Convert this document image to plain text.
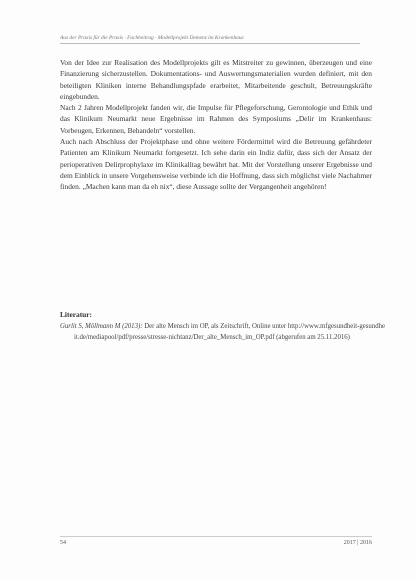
Aus der Praxis für die Praxis · Fachbeitrag · Modellprojekt Demenz im Krankenhaus

Von der Idee zur Realisation des Modellprojekts gilt es Mitstreiter zu gewinnen, überzeugen und eine Finanzierung sicherzustellen. Dokumentations- und Auswertungsmaterialien wurden definiert, mit den beteiligten Kliniken interne Behandlungspfade erarbeitet, Mitarbeitende geschult, Betreuungskräfte eingebunden.

Nach 2 Jahren Modellprojekt fanden wir, die Impulse für Pflegeforschung, Gerontologie und Ethik und das Klinikum Neumarkt neue Ergebnisse im Rahmen des Symposiums „Delir im Krankenhaus: Vorbeugen, Erkennen, Behandeln“ vorstellen.

Auch nach Abschluss der Projektphase und ohne weitere Fördermittel wird die Betreuung gefährdeter Patienten am Klinikum Neumarkt fortgesetzt. Ich sehe darin ein Indiz dafür, dass sich der Ansatz der perioperativen Delirprophylaxe im Klinikalltag bewährt hat. Mit der Vorstellung unserer Ergebnisse und dem Einblick in unsere Vorgehensweise verbinde ich die Hoffnung, dass sich möglichst viele Nachahmer finden. „Machen kann man da eh nix“, diese Aussage sollte der Vergangenheit angehören!

Literatur:
Gurlit S, Möllmann M (2013): Der alte Mensch im OP, als Zeitschrift, Online unter http://www.mfgesundheit-gesundheit.de/mediapool/pdf/presse/stresse-nichtanz/Der_alte_Mensch_im_OP.pdf (abgerufen am 25.11.2016)
54	2017 | 2016
